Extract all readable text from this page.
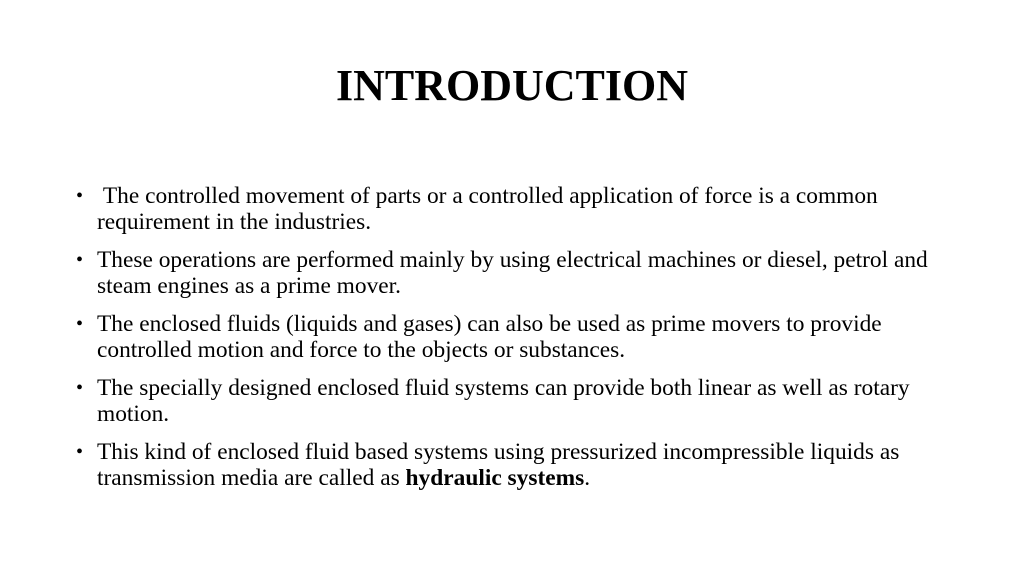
INTRODUCTION
• The controlled movement of parts or a controlled application of force is a common requirement in the industries.
• These operations are performed mainly by using electrical machines or diesel, petrol and steam engines as a prime mover.
• The enclosed fluids (liquids and gases) can also be used as prime movers to provide controlled motion and force to the objects or substances.
• The specially designed enclosed fluid systems can provide both linear as well as rotary motion.
• This kind of enclosed fluid based systems using pressurized incompressible liquids as transmission media are called as hydraulic systems.
